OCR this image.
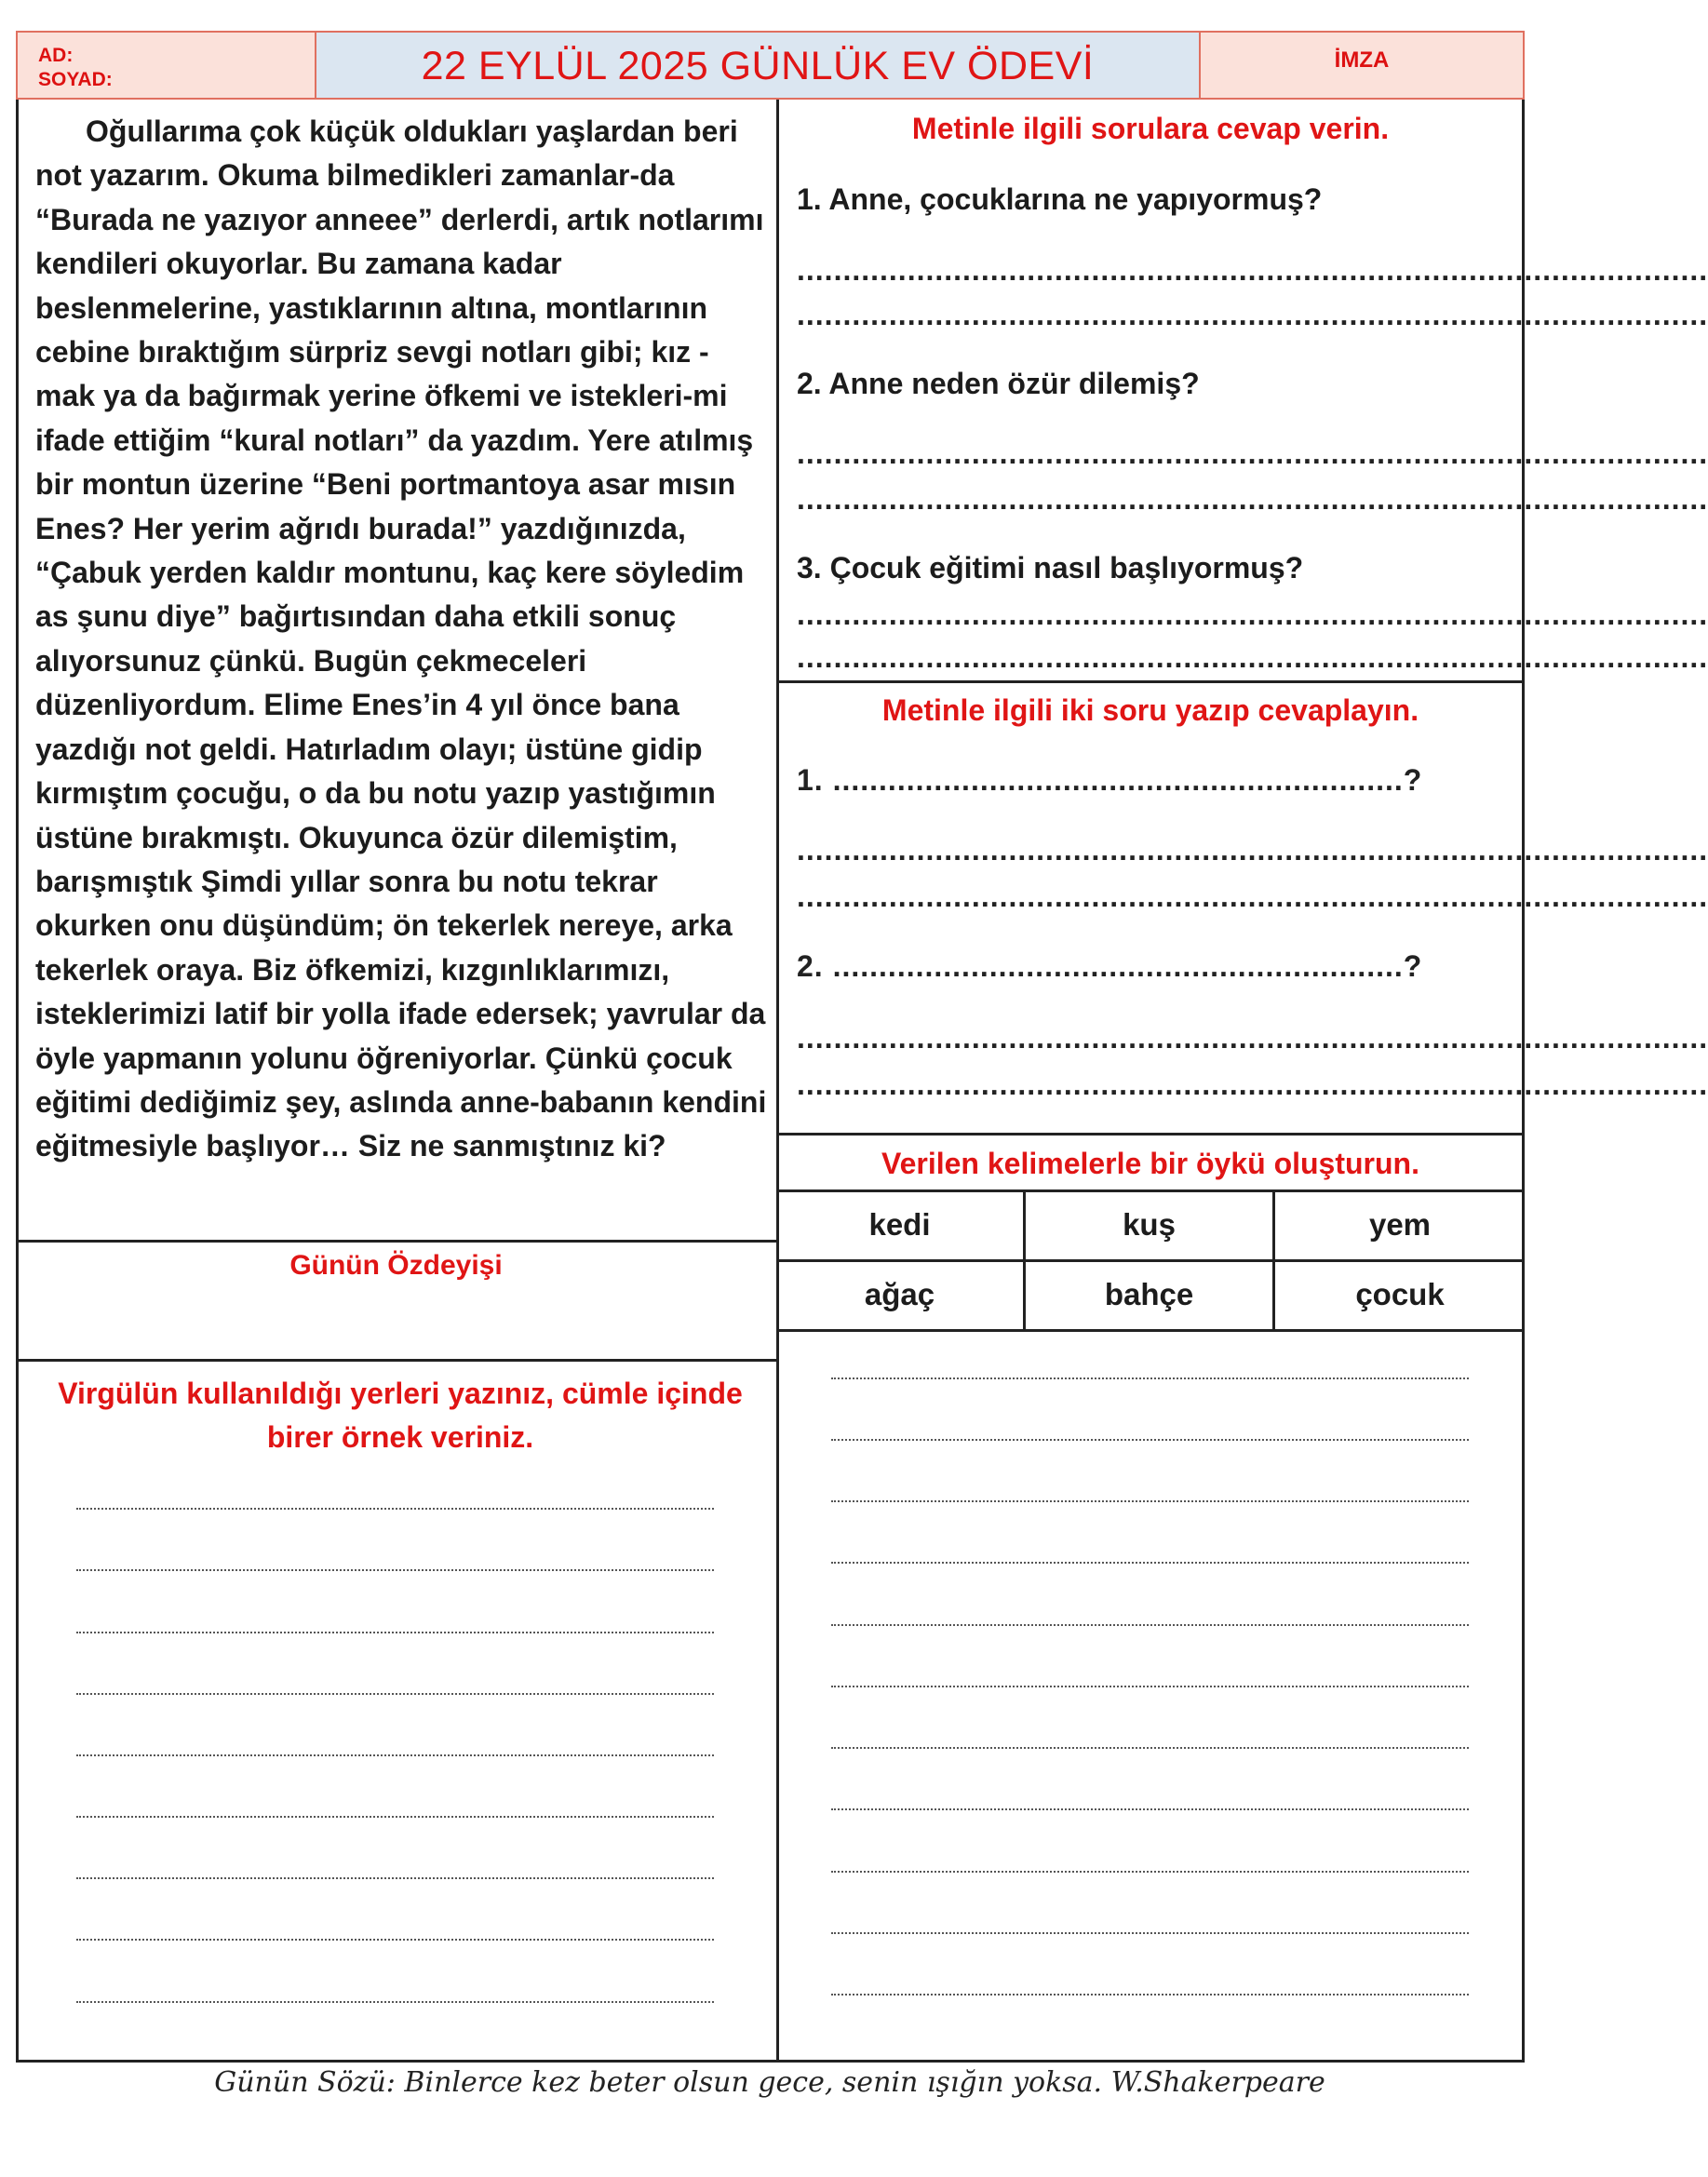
AD:
SOYAD:	22 EYLÜL 2025 GÜNLÜK EV ÖDEVİ	İMZA
Oğullarıma çok küçük oldukları yaşlardan beri not yazarım. Okuma bilmedikleri zamanlar-da “Burada ne yazıyor anneee” derlerdi, artık notlarımı kendileri okuyorlar. Bu zamana kadar beslenmelerine, yastıklarının altına, montlarının cebine bıraktığım sürpriz sevgi notları gibi; kız - mak ya da bağırmak yerine öfkemi ve istekleri-mi ifade ettiğim “kural notları” da yazdım. Yere atılmış bir montun üzerine “Beni portmantoya asar mısın Enes? Her yerim ağrıdı burada!” yazdığınızda, “Çabuk yerden kaldır montunu, kaç kere söyledim as şunu diye” bağırtısından daha etkili sonuç alıyorsunuz çünkü. Bugün çekmeceleri düzenliyordum. Elime Enes’in 4 yıl önce bana yazdığı not geldi. Hatırladım olayı; üstüne gidip kırmıştım çocuğu, o da bu notu yazıp yastığımın üstüne bırakmıştı. Okuyunca özür dilemiştim, barışmıştık Şimdi yıllar sonra bu notu tekrar okurken onu düşündüm; ön tekerlek nereye, arka tekerlek oraya. Biz öfkemizi, kızgınlıklarımızı, isteklerimizi latif bir yolla ifade edersek; yavrular da öyle yapmanın yolunu öğreniyorlar. Çünkü çocuk eğitimi dediğimiz şey, aslında anne-babanın kendini eğitmesiyle başlıyor… Siz ne sanmıştınız ki?
Günün Özdeyişi
Virgülün kullanıldığı yerleri yazınız, cümle içinde birer örnek veriniz.
Metinle ilgili sorulara cevap verin.
1. Anne, çocuklarına ne yapıyormuş?
...................................................................................................
...................................................................................................
2. Anne neden özür dilemiş?
...................................................................................................
...................................................................................................
3. Çocuk eğitimi nasıl başlıyormuş?
...................................................................................................
...................................................................................................
Metinle ilgili iki soru yazıp cevaplayın.
1. ..............................................................?
...................................................................................................
...................................................................................................
2. ..............................................................?
...................................................................................................
...................................................................................................
Verilen kelimelerle bir öykü oluşturun.
kedi	kuş	yem
ağaç	bahçe	çocuk
Günün Sözü: Binlerce kez beter olsun gece, senin ışığın yoksa. W.Shakerpeare
